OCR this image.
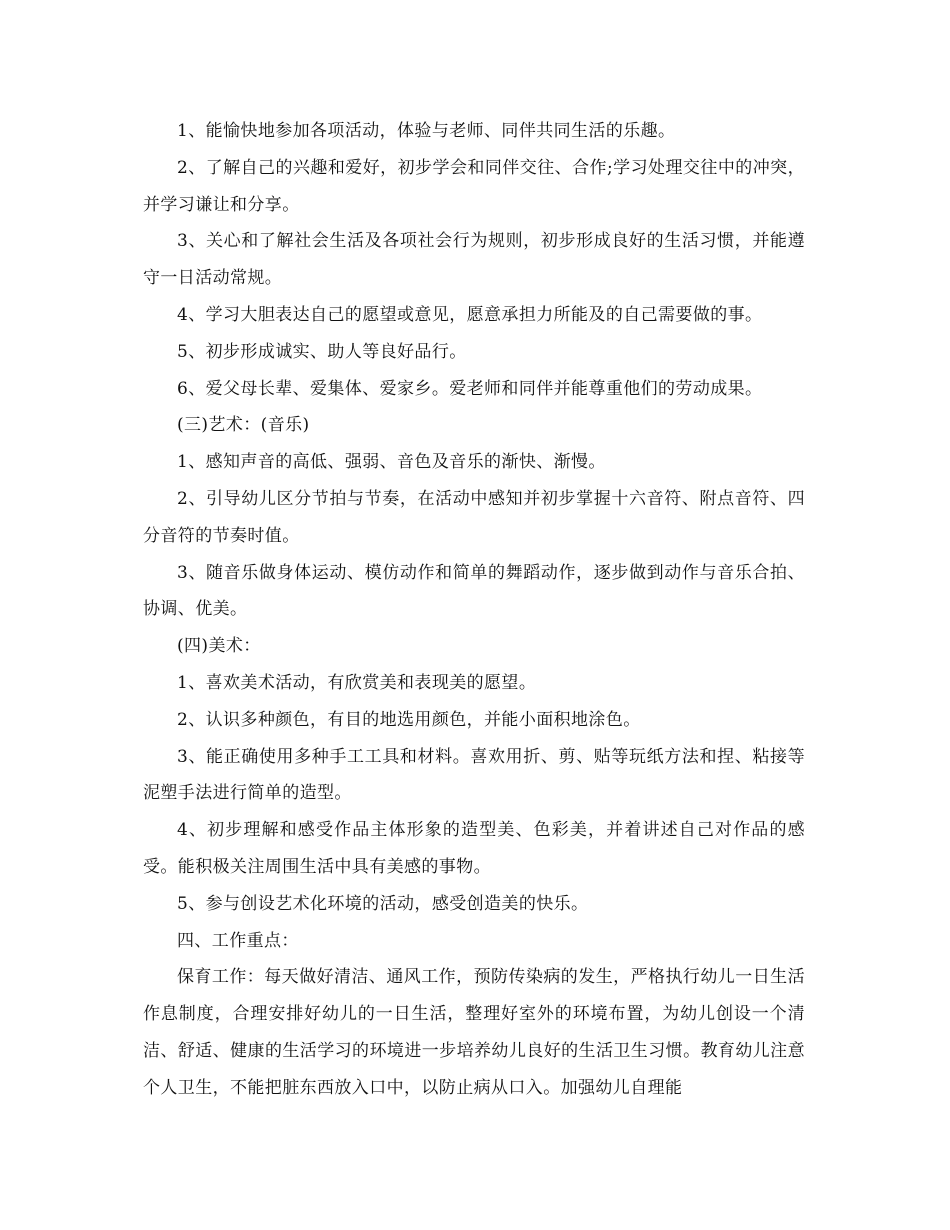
1、能愉快地参加各项活动，体验与老师、同伴共同生活的乐趣。

2、了解自己的兴趣和爱好，初步学会和同伴交往、合作;学习处理交往中的冲突，并学习谦让和分享。

3、关心和了解社会生活及各项社会行为规则，初步形成良好的生活习惯，并能遵守一日活动常规。

4、学习大胆表达自己的愿望或意见，愿意承担力所能及的自己需要做的事。

5、初步形成诚实、助人等良好品行。

6、爱父母长辈、爱集体、爱家乡。爱老师和同伴并能尊重他们的劳动成果。

(三)艺术：(音乐)

1、感知声音的高低、强弱、音色及音乐的渐快、渐慢。

2、引导幼儿区分节拍与节奏，在活动中感知并初步掌握十六音符、附点音符、四分音符的节奏时值。

3、随音乐做身体运动、模仿动作和简单的舞蹈动作，逐步做到动作与音乐合拍、协调、优美。

(四)美术：

1、喜欢美术活动，有欣赏美和表现美的愿望。

2、认识多种颜色，有目的地选用颜色，并能小面积地涂色。

3、能正确使用多种手工工具和材料。喜欢用折、剪、贴等玩纸方法和捏、粘接等泥塑手法进行简单的造型。

4、初步理解和感受作品主体形象的造型美、色彩美，并着讲述自己对作品的感受。能积极关注周围生活中具有美感的事物。

5、参与创设艺术化环境的活动，感受创造美的快乐。

四、工作重点：

保育工作：每天做好清洁、通风工作，预防传染病的发生，严格执行幼儿一日生活作息制度，合理安排好幼儿的一日生活，整理好室外的环境布置，为幼儿创设一个清洁、舒适、健康的生活学习的环境进一步培养幼儿良好的生活卫生习惯。教育幼儿注意个人卫生，不能把脏东西放入口中，以防止病从口入。加强幼儿自理能
